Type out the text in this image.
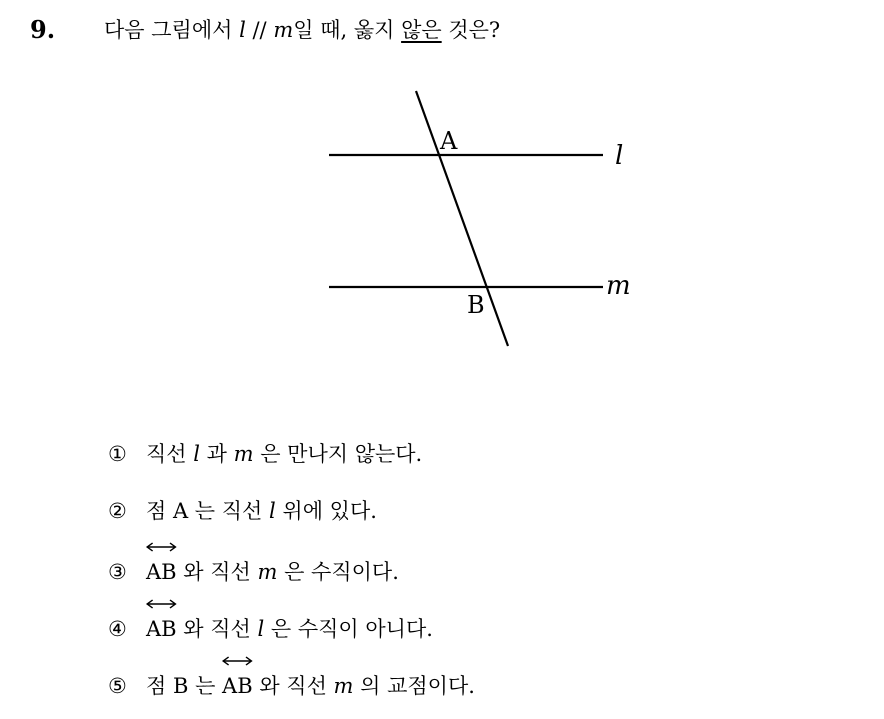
9. 다음 그림에서 l // m일 때, 옳지 않은 것은?
A
B
l
m
① 직선 l 과 m 은 만나지 않는다.
② 점 A 는 직선 l 위에 있다.
③ AB 와 직선 m 은 수직이다.
④ AB 와 직선 l 은 수직이 아니다.
⑤ 점 B 는
AB 와 직선 m 의 교점이다.
